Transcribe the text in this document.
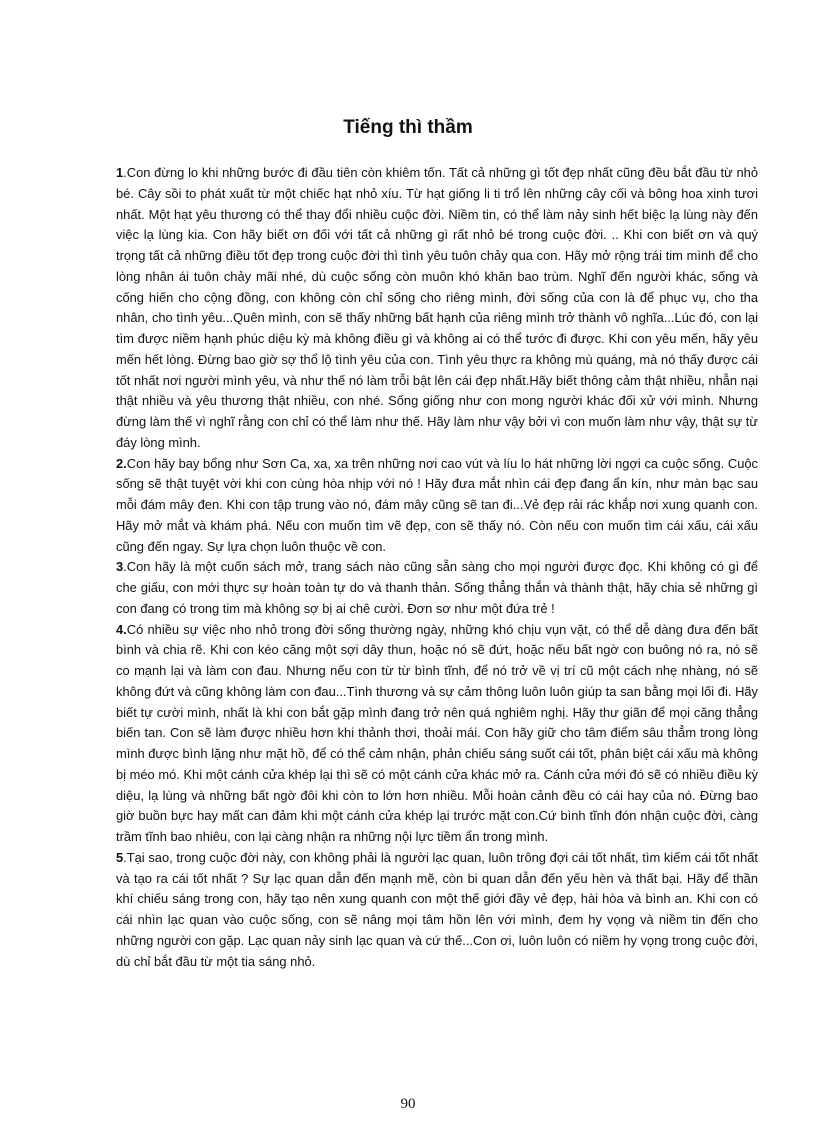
Tiếng thì thầm

1.Con đừng lo khi những bước đi đầu tiên còn khiêm tốn. Tất cả những gì tốt đẹp nhất cũng đều bắt đầu từ nhỏ bé. Cây sồi to phát xuất từ một chiếc hạt nhỏ xíu. Từ hạt giống li ti trổ lên những cây cối và bông hoa xinh tươi nhất. Một hạt yêu thương có thể thay đổi nhiều cuộc đời. Niềm tin, có thể làm nảy sinh hết biệc lạ lùng này đến việc lạ lùng kia. Con hãy biết ơn đối với tất cả những gì rất nhỏ bé trong cuộc đời. .. Khi con biết ơn và quý trọng tất cả những điều tốt đẹp trong cuộc đời thì tình yêu tuôn chảy qua con. Hãy mở rộng trái tim mình để cho lòng nhân ái tuôn chảy mãi nhé, dù cuộc sống còn muôn khó khăn bao trùm. Nghĩ đến người khác, sống và cống hiến cho cộng đồng, con không còn chỉ sống cho riêng mình, đời sống của con là để phục vụ, cho tha nhân, cho tình yêu...Quên mình, con sẽ thấy những bất hạnh của riêng mình trở thành vô nghĩa...Lúc đó, con lại tìm được niềm hạnh phúc diệu kỳ mà không điều gì và không ai có thể tước đi được. Khi con yêu mến, hãy yêu mến hết lòng. Đừng bao giờ sợ thổ lộ tình yêu của con. Tình yêu thực ra không mù quáng, mà nó thấy được cái tốt nhất nơi người mình yêu, và như thế nó làm trỗi bật lên cái đẹp nhất.Hãy biết thông cảm thật nhiều, nhẫn nại thật nhiều và yêu thương thật nhiều, con nhé. Sống giống như con mong người khác đối xử với mình. Nhưng đừng làm thế vì nghĩ rằng con chỉ có thể làm như thế. Hãy làm như vậy bởi vì con muốn làm như vậy, thật sự từ đáy lòng mình.

2.Con hãy bay bổng như Sơn Ca, xa, xa trên những nơi cao vút và líu lo hát những lời ngợi ca cuộc sống. Cuộc sống sẽ thật tuyệt vời khi con cùng hòa nhịp với nó ! Hãy đưa mắt nhìn cái đẹp đang ẩn kín, như màn bạc sau mỗi đám mây đen. Khi con tập trung vào nó, đám mây cũng sẽ tan đi...Vẻ đẹp rải rác khắp nơi xung quanh con. Hãy mở mắt và khám phá. Nếu con muốn tìm vẽ đẹp, con sẽ thấy nó. Còn nếu con muốn tìm cái xấu, cái xấu cũng đến ngay. Sự lựa chọn luôn thuộc về con.

3.Con hãy là một cuốn sách mở, trang sách nào cũng sẵn sàng cho mọi người được đọc. Khi không có gì để che giấu, con mới thực sự hoàn toàn tự do và thanh thản. Sống thẳng thắn và thành thật, hãy chia sẻ những gì con đang có trong tim mà không sợ bị ai chê cười. Đơn sơ như một đứa trẻ !

4.Có nhiều sự việc nho nhỏ trong đời sống thường ngày, những khó chịu vụn vặt, có thể dễ dàng đưa đến bất bình và chia rẽ. Khi con kéo căng một sợi dây thun, hoặc nó sẽ đứt, hoặc nếu bất ngờ con buông nó ra, nó sẽ co mạnh lại và làm con đau. Nhưng nếu con từ từ bình tĩnh, để nó trở về vị trí cũ một cách nhẹ nhàng, nó sẽ không đứt và cũng không làm con đau...Tình thương và sự cảm thông luôn luôn giúp ta san bằng mọi lối đi. Hãy biết tự cười mình, nhất là khi con bắt gặp mình đang trở nên quá nghiêm nghị. Hãy thư giãn để mọi căng thẳng biến tan. Con sẽ làm được nhiều hơn khi thảnh thơi, thoải mái. Con hãy giữ cho tâm điểm sâu thẳm trong lòng mình được bình lặng như mặt hồ, để có thể cảm nhận, phản chiếu sáng suốt cái tốt, phân biệt cái xấu mà không bị méo mó. Khi một cánh cửa khép lại thì sẽ có một cánh cửa khác mở ra. Cánh cửa mới đó sẽ có nhiều điều kỳ diệu, lạ lùng và những bất ngờ đôi khi còn to lớn hơn nhiều. Mỗi hoàn cảnh đều có cái hay của nó. Đừng bao giờ buồn bực hay mất can đảm khi một cánh cửa khép lại trước mặt con.Cứ bình tĩnh đón nhận cuộc đời, càng trầm tĩnh bao nhiêu, con lại càng nhận ra những nội lực tiềm ẩn trong mình.

5.Tại sao, trong cuộc đời này, con không phải là người lạc quan, luôn trông đợi cái tốt nhất, tìm kiếm cái tốt nhất và tạo ra cái tốt nhất ? Sự lạc quan dẫn đến mạnh mẽ, còn bi quan dẫn đến yếu hèn và thất bại. Hãy để thần khí chiếu sáng trong con, hãy tạo nên xung quanh con một thế giới đầy vẻ đẹp, hài hòa và bình an. Khi con có cái nhìn lạc quan vào cuộc sống, con sẽ nâng mọi tâm hồn lên với mình, đem hy vọng và niềm tin đến cho những người con gặp. Lạc quan nảy sinh lạc quan và cứ thế...Con ơi, luôn luôn có niềm hy vọng trong cuộc đời, dù chỉ bắt đầu từ một tia sáng nhỏ.

90
